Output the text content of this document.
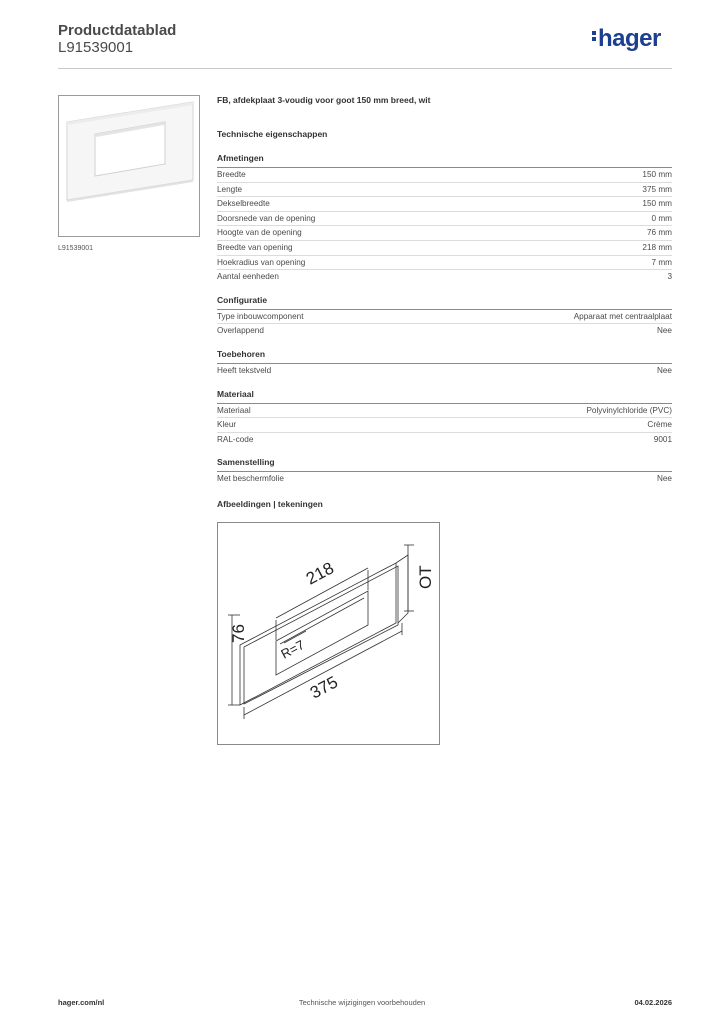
Productdatablad
L91539001	hager
L91539001
FB, afdekplaat 3-voudig voor goot 150 mm breed, wit
Technische eigenschappen
Afmetingen
Breedte	150 mm
Lengte	375 mm
Dekselbreedte	150 mm
Doorsnede van de opening	0 mm
Hoogte van de opening	76 mm
Breedte van opening	218 mm
Hoekradius van opening	7 mm
Aantal eenheden	3
Configuratie
Type inbouwcomponent	Apparaat met centraalplaat
Overlappend	Nee
Toebehoren
Heeft tekstveld	Nee
Materiaal
Materiaal	Polyvinylchloride (PVC)
Kleur	Crème
RAL-code	9001
Samenstelling
Met beschermfolie	Nee
Afbeeldingen | tekeningen
218
76
375
R=7
OT
hager.com/nl	Technische wijzigingen voorbehouden	04.02.2026
